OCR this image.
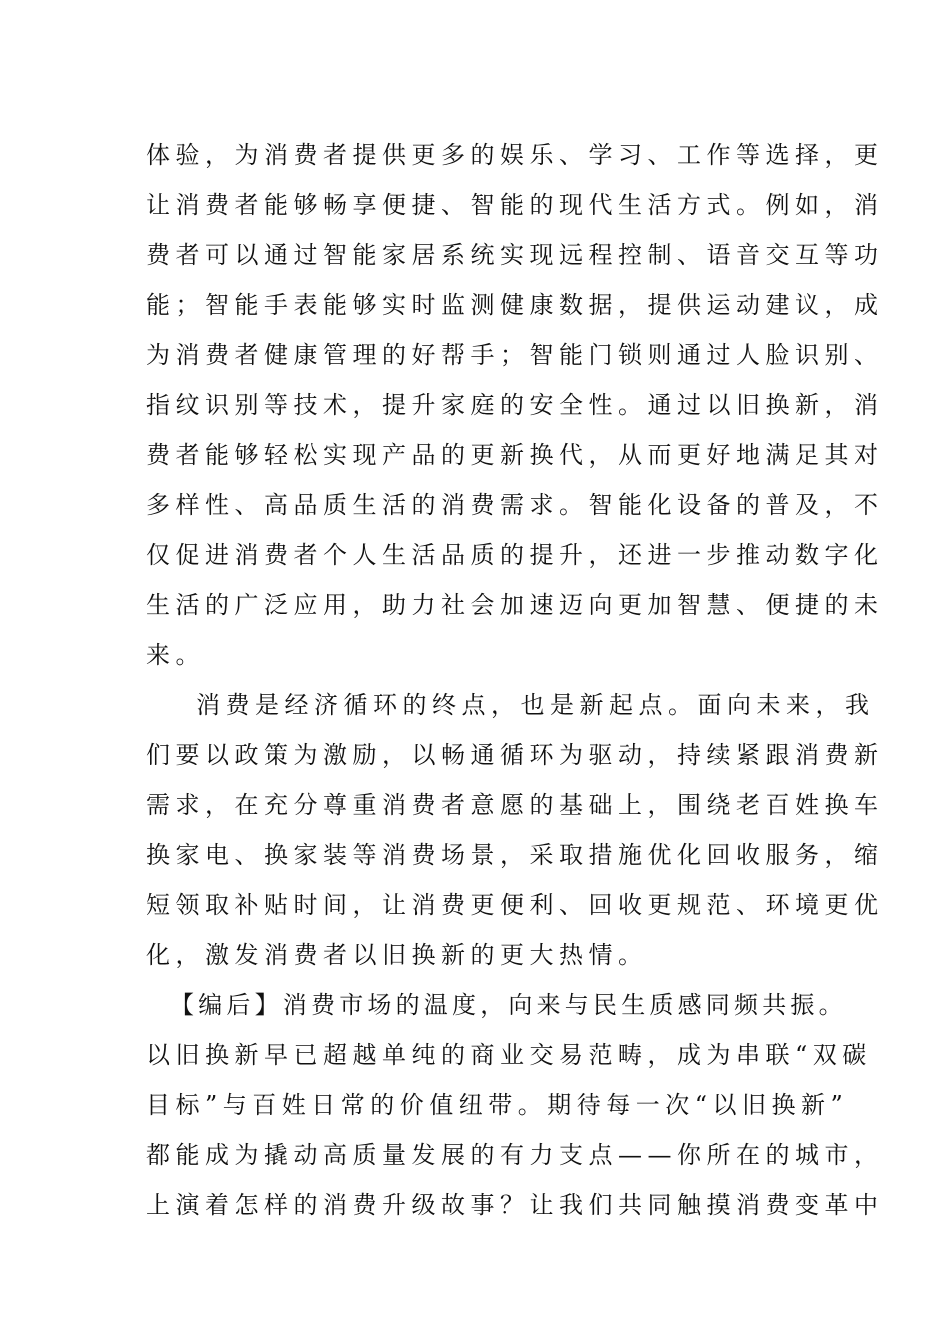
体验，为消费者提供更多的娱乐、学习、工作等选择，更
让消费者能够畅享便捷、智能的现代生活方式。例如，消
费者可以通过智能家居系统实现远程控制、语音交互等功
能；智能手表能够实时监测健康数据，提供运动建议，成
为消费者健康管理的好帮手；智能门锁则通过人脸识别、
指纹识别等技术，提升家庭的安全性。通过以旧换新，消
费者能够轻松实现产品的更新换代，从而更好地满足其对
多样性、高品质生活的消费需求。智能化设备的普及，不
仅促进消费者个人生活品质的提升，还进一步推动数字化
生活的广泛应用，助力社会加速迈向更加智慧、便捷的未
来。
消费是经济循环的终点，也是新起点。面向未来，我
们要以政策为激励，以畅通循环为驱动，持续紧跟消费新
需求，在充分尊重消费者意愿的基础上，围绕老百姓换车
换家电、换家装等消费场景，采取措施优化回收服务，缩
短领取补贴时间，让消费更便利、回收更规范、环境更优
化，激发消费者以旧换新的更大热情。
【编后】消费市场的温度，向来与民生质感同频共振。
以旧换新早已超越单纯的商业交易范畴，成为串联“双碳
目标”与百姓日常的价值纽带。期待每一次“以旧换新”
都能成为撬动高质量发展的有力支点——你所在的城市，
上演着怎样的消费升级故事？让我们共同触摸消费变革中
